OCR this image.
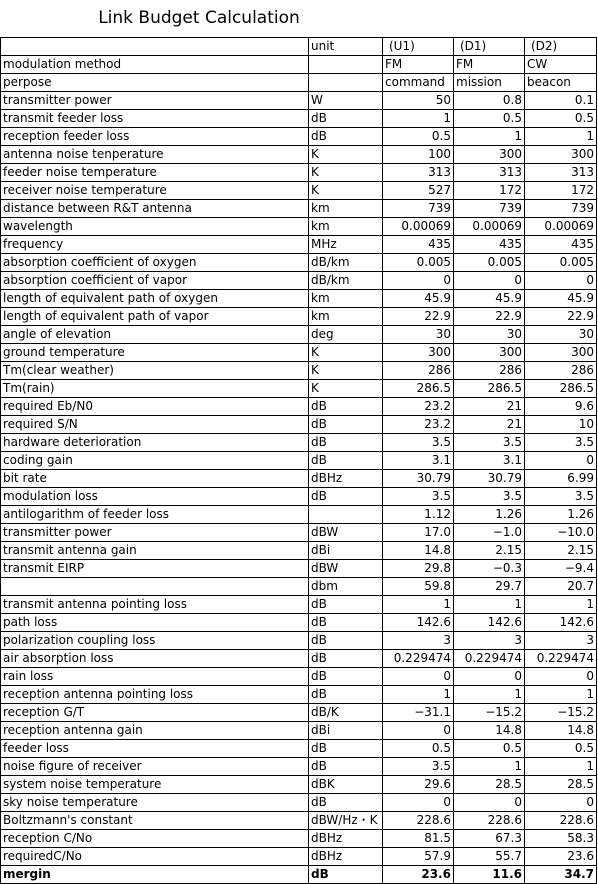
Link Budget Calculation
	unit	(U1)	(D1)	(D2)
modulation method		FM	FM	CW
perpose		command	mission	beacon
transmitter power	W	50	0.8	0.1
transmit feeder loss	dB	1	0.5	0.5
reception feeder loss	dB	0.5	1	1
antenna noise tenperature	K	100	300	300
feeder noise temperature	K	313	313	313
receiver noise temperature	K	527	172	172
distance between R&T antenna	km	739	739	739
wavelength	km	0.00069	0.00069	0.00069
frequency	MHz	435	435	435
absorption coefficient of oxygen	dB/km	0.005	0.005	0.005
absorption coefficient of vapor	dB/km	0	0	0
length of equivalent path of oxygen	km	45.9	45.9	45.9
length of equivalent path of vapor	km	22.9	22.9	22.9
angle of elevation	deg	30	30	30
ground temperature	K	300	300	300
Tm(clear weather)	K	286	286	286
Tm(rain)	K	286.5	286.5	286.5
required Eb/N0	dB	23.2	21	9.6
required S/N	dB	23.2	21	10
hardware deterioration	dB	3.5	3.5	3.5
coding gain	dB	3.1	3.1	0
bit rate	dBHz	30.79	30.79	6.99
modulation loss	dB	3.5	3.5	3.5
antilogarithm of feeder loss		1.12	1.26	1.26
transmitter power	dBW	17.0	−1.0	−10.0
transmit antenna gain	dBi	14.8	2.15	2.15
transmit EIRP	dBW	29.8	−0.3	−9.4
	dbm	59.8	29.7	20.7
transmit antenna pointing loss	dB	1	1	1
path loss	dB	142.6	142.6	142.6
polarization coupling loss	dB	3	3	3
air absorption loss	dB	0.229474	0.229474	0.229474
rain loss	dB	0	0	0
reception antenna pointing loss	dB	1	1	1
reception G/T	dB/K	−31.1	−15.2	−15.2
reception antenna gain	dBi	0	14.8	14.8
feeder loss	dB	0.5	0.5	0.5
noise figure of receiver	dB	3.5	1	1
system noise temperature	dBK	29.6	28.5	28.5
sky noise temperature	dB	0	0	0
Boltzmann's constant	dBW/Hz・K	228.6	228.6	228.6
reception C/No	dBHz	81.5	67.3	58.3
requiredC/No	dBHz	57.9	55.7	23.6
mergin	dB	23.6	11.6	34.7
